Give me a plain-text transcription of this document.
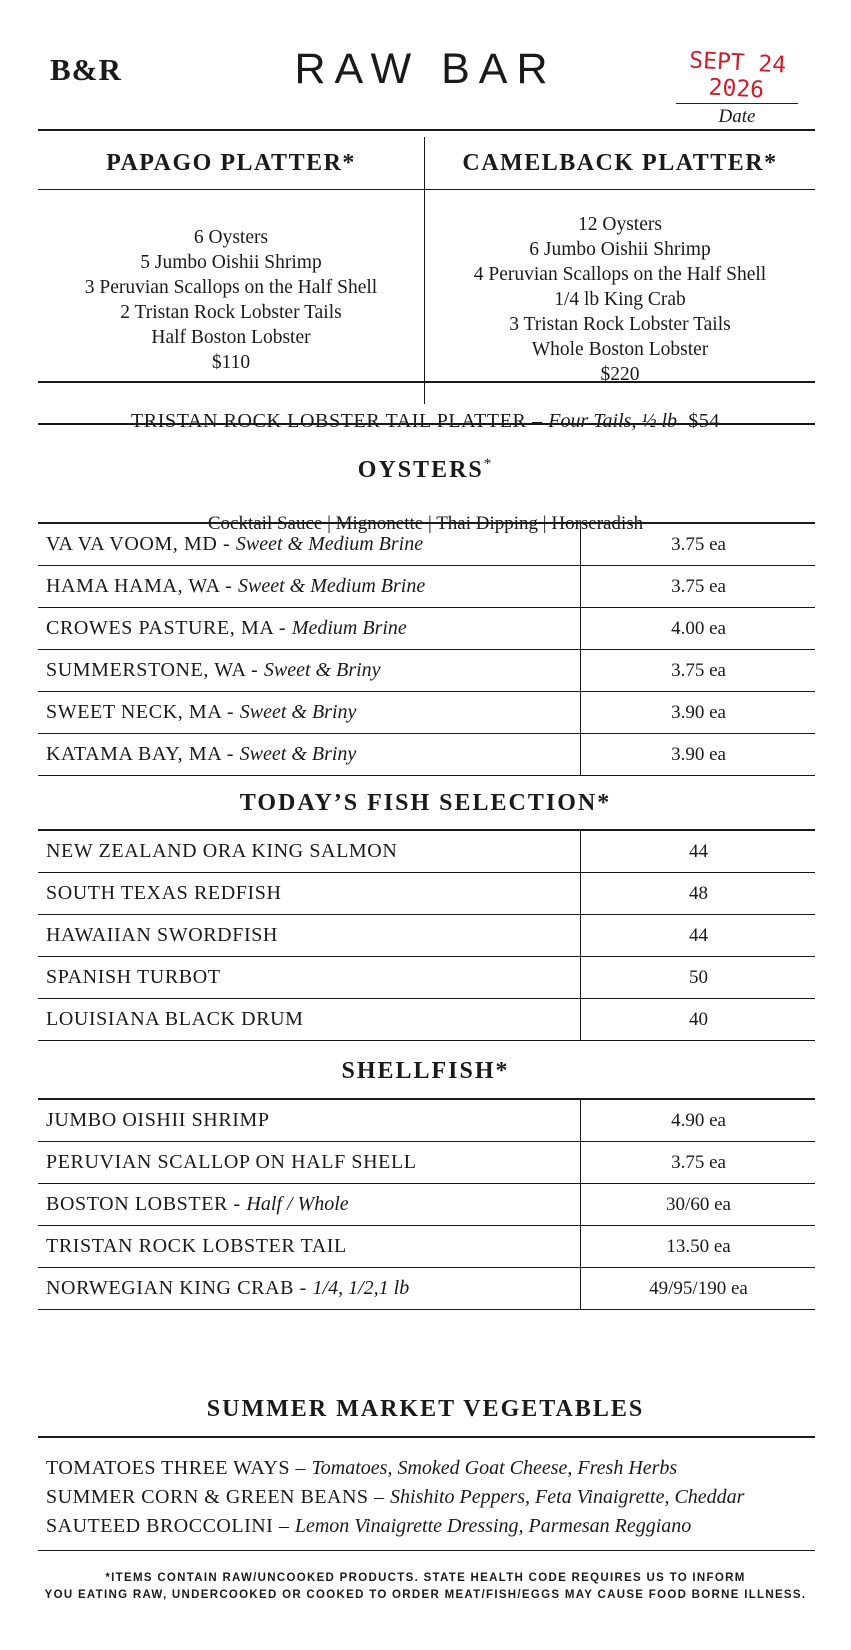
B&R	RAW BAR	SEPT 24 2026
Date
PAPAGO PLATTER*
6 Oysters
5 Jumbo Oishii Shrimp
3 Peruvian Scallops on the Half Shell
2 Tristan Rock Lobster Tails
Half Boston Lobster
$110
CAMELBACK PLATTER*
12 Oysters
6 Jumbo Oishii Shrimp
4 Peruvian Scallops on the Half Shell
1/4 lb King Crab
3 Tristan Rock Lobster Tails
Whole Boston Lobster
$220
TRISTAN ROCK LOBSTER TAIL PLATTER – Four Tails, ½ lb $54
OYSTERS*
Cocktail Sauce | Mignonette | Thai Dipping | Horseradish
VA VA VOOM, MD - Sweet & Medium Brine	3.75 ea
HAMA HAMA, WA - Sweet & Medium Brine	3.75 ea
CROWES PASTURE, MA - Medium Brine	4.00 ea
SUMMERSTONE, WA - Sweet & Briny	3.75 ea
SWEET NECK, MA - Sweet & Briny	3.90 ea
KATAMA BAY, MA - Sweet & Briny	3.90 ea
TODAY’S FISH SELECTION*
NEW ZEALAND ORA KING SALMON	44
SOUTH TEXAS REDFISH	48
HAWAIIAN SWORDFISH	44
SPANISH TURBOT	50
LOUISIANA BLACK DRUM	40
SHELLFISH*
JUMBO OISHII SHRIMP	4.90 ea
PERUVIAN SCALLOP ON HALF SHELL	3.75 ea
BOSTON LOBSTER - Half / Whole	30/60 ea
TRISTAN ROCK LOBSTER TAIL	13.50 ea
NORWEGIAN KING CRAB - 1/4, 1/2,1 lb	49/95/190 ea
SUMMER MARKET VEGETABLES
TOMATOES THREE WAYS – Tomatoes, Smoked Goat Cheese, Fresh Herbs
SUMMER CORN & GREEN BEANS – Shishito Peppers, Feta Vinaigrette, Cheddar
SAUTEED BROCCOLINI – Lemon Vinaigrette Dressing, Parmesan Reggiano
*ITEMS CONTAIN RAW/UNCOOKED PRODUCTS. STATE HEALTH CODE REQUIRES US TO INFORM
YOU EATING RAW, UNDERCOOKED OR COOKED TO ORDER MEAT/FISH/EGGS MAY CAUSE FOOD BORNE ILLNESS.
